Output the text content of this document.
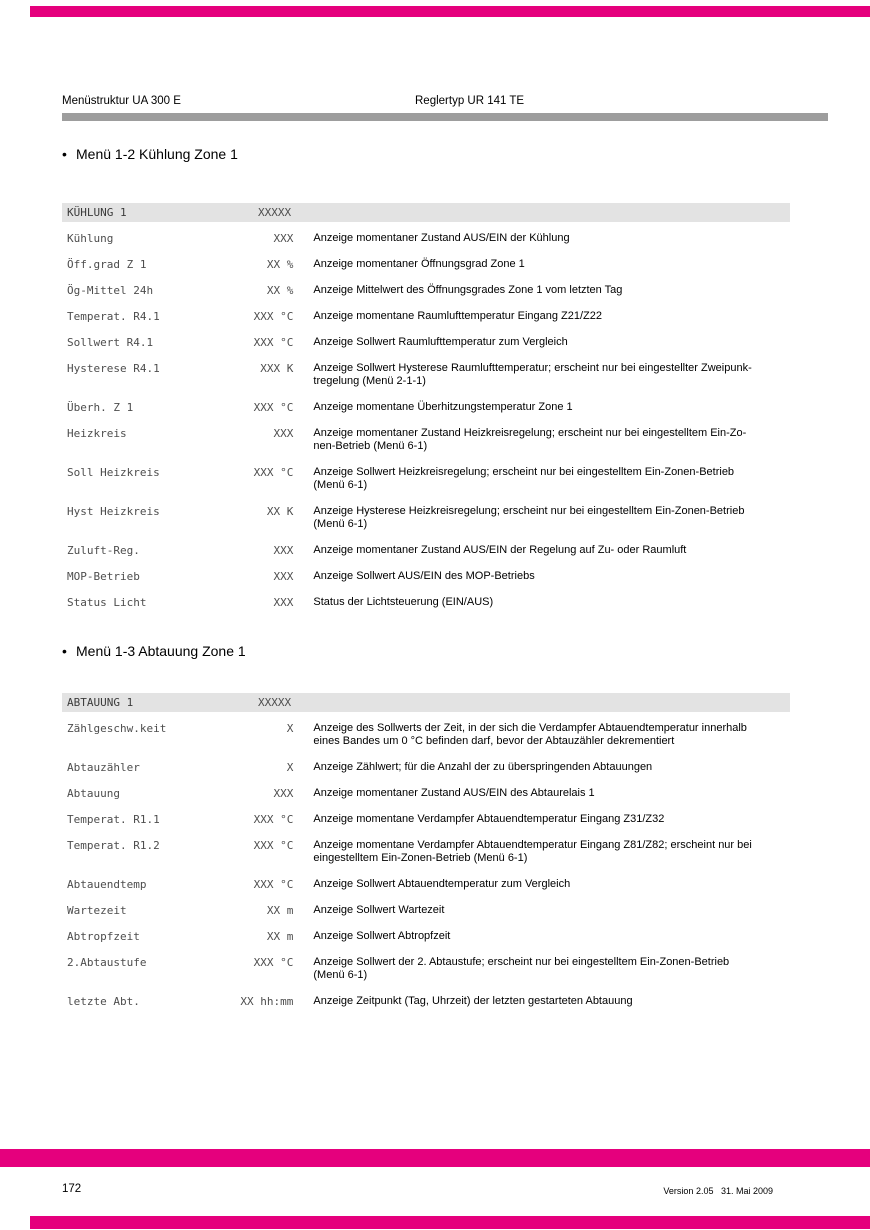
Menüstruktur UA 300 E	Reglertyp UR 141 TE
• Menü 1-2 Kühlung Zone 1
KÜHLUNG 1	XXXXX
Kühlung	XXX Anzeige momentaner Zustand AUS/EIN der Kühlung
Öff.grad Z 1	XX % Anzeige momentaner Öffnungsgrad Zone 1
Ög-Mittel 24h	XX % Anzeige Mittelwert des Öffnungsgrades Zone 1 vom letzten Tag
Temperat. R4.1	XXX °C Anzeige momentane Raumlufttemperatur Eingang Z21/Z22
Sollwert R4.1	XXX °C Anzeige Sollwert Raumlufttemperatur zum Vergleich
Hysterese R4.1	XXX K Anzeige Sollwert Hysterese Raumlufttemperatur; erscheint nur bei eingestellter Zweipunk-
tregelung (Menü 2-1-1)
Überh. Z 1	XXX °C Anzeige momentane Überhitzungstemperatur Zone 1
Heizkreis	XXX Anzeige momentaner Zustand Heizkreisregelung; erscheint nur bei eingestelltem Ein-Zo-
nen-Betrieb (Menü 6-1)
Soll Heizkreis	XXX °C Anzeige Sollwert Heizkreisregelung; erscheint nur bei eingestelltem Ein-Zonen-Betrieb
(Menü 6-1)
Hyst Heizkreis	XX K Anzeige Hysterese Heizkreisregelung; erscheint nur bei eingestelltem Ein-Zonen-Betrieb
(Menü 6-1)
Zuluft-Reg.	XXX Anzeige momentaner Zustand AUS/EIN der Regelung auf Zu- oder Raumluft
MOP-Betrieb	XXX Anzeige Sollwert AUS/EIN des MOP-Betriebs
Status Licht	XXX Status der Lichtsteuerung (EIN/AUS)
• Menü 1-3 Abtauung Zone 1
ABTAUUNG 1	XXXXX
Zählgeschw.keit	X Anzeige des Sollwerts der Zeit, in der sich die Verdampfer Abtauendtemperatur innerhalb
eines Bandes um 0 °C befinden darf, bevor der Abtauzähler dekrementiert
Abtauzähler	X Anzeige Zählwert; für die Anzahl der zu überspringenden Abtauungen
Abtauung	XXX Anzeige momentaner Zustand AUS/EIN des Abtaurelais 1
Temperat. R1.1	XXX °C Anzeige momentane Verdampfer Abtauendtemperatur Eingang Z31/Z32
Temperat. R1.2	XXX °C Anzeige momentane Verdampfer Abtauendtemperatur Eingang Z81/Z82; erscheint nur bei
eingestelltem Ein-Zonen-Betrieb (Menü 6-1)
Abtauendtemp	XXX °C Anzeige Sollwert Abtauendtemperatur zum Vergleich
Wartezeit	XX m Anzeige Sollwert Wartezeit
Abtropfzeit	XX m Anzeige Sollwert Abtropfzeit
2.Abtaustufe	XXX °C Anzeige Sollwert der 2. Abtaustufe; erscheint nur bei eingestelltem Ein-Zonen-Betrieb
(Menü 6-1)
letzte Abt.	XX hh:mm Anzeige Zeitpunkt (Tag, Uhrzeit) der letzten gestarteten Abtauung
172	Version 2.05   31. Mai 2009
